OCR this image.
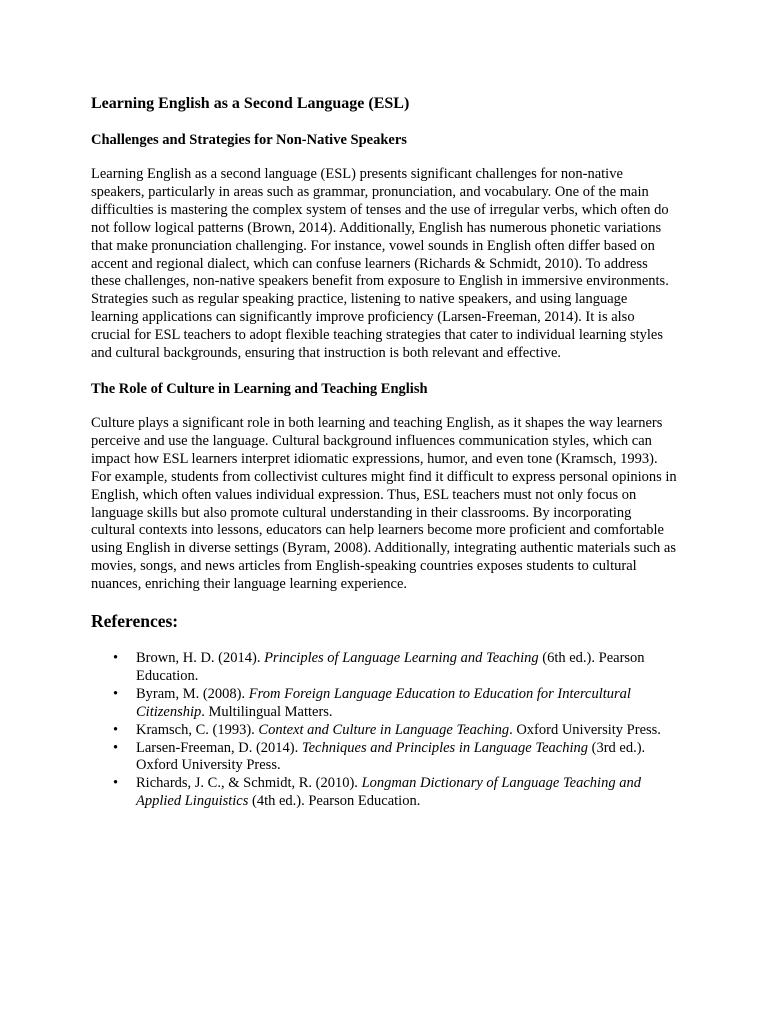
Learning English as a Second Language (ESL)
Challenges and Strategies for Non-Native Speakers

Learning English as a second language (ESL) presents significant challenges for non-native speakers, particularly in areas such as grammar, pronunciation, and vocabulary. One of the main difficulties is mastering the complex system of tenses and the use of irregular verbs, which often do not follow logical patterns (Brown, 2014). Additionally, English has numerous phonetic variations that make pronunciation challenging. For instance, vowel sounds in English often differ based on accent and regional dialect, which can confuse learners (Richards & Schmidt, 2010). To address these challenges, non-native speakers benefit from exposure to English in immersive environments. Strategies such as regular speaking practice, listening to native speakers, and using language learning applications can significantly improve proficiency (Larsen-Freeman, 2014). It is also crucial for ESL teachers to adopt flexible teaching strategies that cater to individual learning styles and cultural backgrounds, ensuring that instruction is both relevant and effective.

The Role of Culture in Learning and Teaching English

Culture plays a significant role in both learning and teaching English, as it shapes the way learners perceive and use the language. Cultural background influences communication styles, which can impact how ESL learners interpret idiomatic expressions, humor, and even tone (Kramsch, 1993). For example, students from collectivist cultures might find it difficult to express personal opinions in English, which often values individual expression. Thus, ESL teachers must not only focus on language skills but also promote cultural understanding in their classrooms. By incorporating cultural contexts into lessons, educators can help learners become more proficient and comfortable using English in diverse settings (Byram, 2008). Additionally, integrating authentic materials such as movies, songs, and news articles from English-speaking countries exposes students to cultural nuances, enriching their language learning experience.

References:
• Brown, H. D. (2014). Principles of Language Learning and Teaching (6th ed.). Pearson Education.
• Byram, M. (2008). From Foreign Language Education to Education for Intercultural Citizenship. Multilingual Matters.
• Kramsch, C. (1993). Context and Culture in Language Teaching. Oxford University Press.
• Larsen-Freeman, D. (2014). Techniques and Principles in Language Teaching (3rd ed.). Oxford University Press.
• Richards, J. C., & Schmidt, R. (2010). Longman Dictionary of Language Teaching and Applied Linguistics (4th ed.). Pearson Education.
